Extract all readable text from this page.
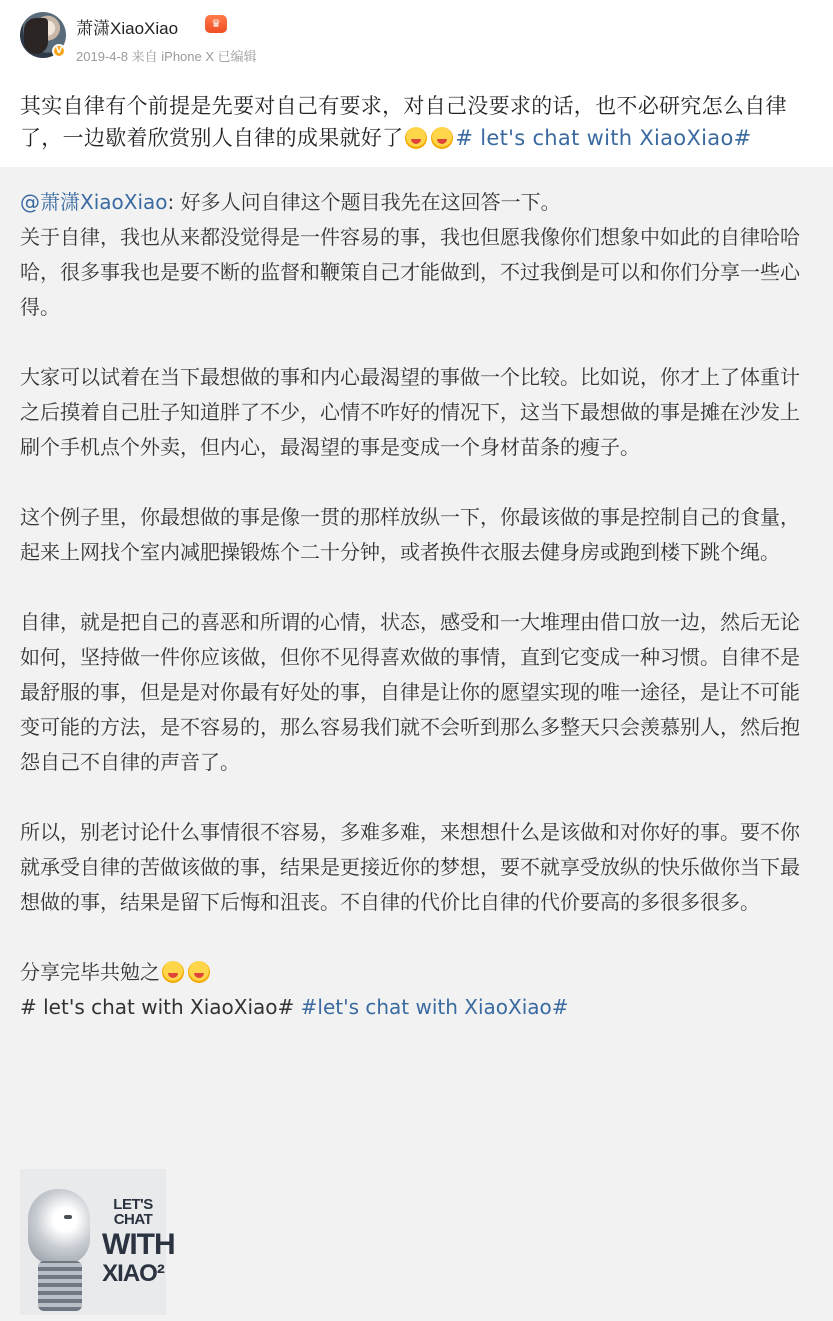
V
萧潇XiaoXiao	♛
2019-4-8 来自 iPhone X 已编辑
其实自律有个前提是先要对自己有要求，对自己没要求的话，也不必研究怎么自律了，一边歇着欣赏别人自律的成果就好了 # let's chat with XiaoXiao#
@萧潇XiaoXiao: 好多人问自律这个题目我先在这回答一下。
关于自律，我也从来都没觉得是一件容易的事，我也但愿我像你们想象中如此的自律哈哈哈，很多事我也是要不断的监督和鞭策自己才能做到，不过我倒是可以和你们分享一些心得。
大家可以试着在当下最想做的事和内心最渴望的事做一个比较。比如说，你才上了体重计之后摸着自己肚子知道胖了不少，心情不咋好的情况下，这当下最想做的事是摊在沙发上刷个手机点个外卖，但内心，最渴望的事是变成一个身材苗条的瘦子。
这个例子里，你最想做的事是像一贯的那样放纵一下，你最该做的事是控制自己的食量，起来上网找个室内减肥操锻炼个二十分钟，或者换件衣服去健身房或跑到楼下跳个绳。
自律，就是把自己的喜恶和所谓的心情，状态，感受和一大堆理由借口放一边，然后无论如何，坚持做一件你应该做，但你不见得喜欢做的事情，直到它变成一种习惯。自律不是最舒服的事，但是是对你最有好处的事，自律是让你的愿望实现的唯一途径，是让不可能变可能的方法，是不容易的，那么容易我们就不会听到那么多整天只会羡慕别人，然后抱怨自己不自律的声音了。
所以，别老讨论什么事情很不容易，多难多难，来想想什么是该做和对你好的事。要不你就承受自律的苦做该做的事，结果是更接近你的梦想，要不就享受放纵的快乐做你当下最想做的事，结果是留下后悔和沮丧。不自律的代价比自律的代价要高的多很多很多。
分享完毕共勉之
# let's chat with XiaoXiao# #let's chat with XiaoXiao#
LET'S CHAT
WITH
XIAO²
